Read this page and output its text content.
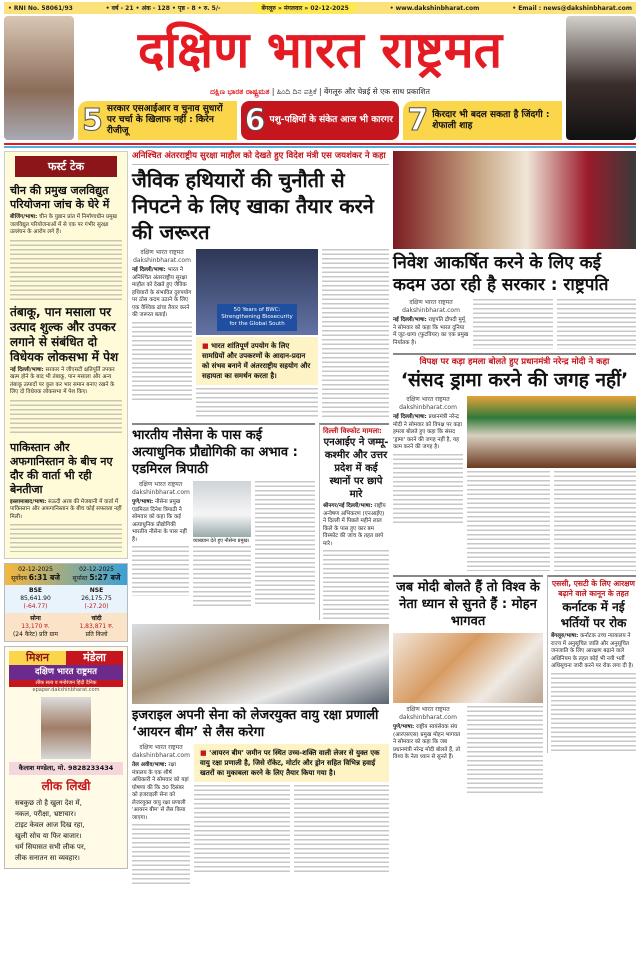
• RNI No. 58061/93	• वर्ष - 21 • अंक - 128 • पृष्ठ - 8 • रु. 5/-	बेंगलूरु » मंगलवार » 02-12-2025	• www.dakshinbharat.com	• Email : news@dakshinbharat.com
दक्षिण भारत राष्ट्रमत
ದಕ್ಷಿಣ ಭಾರತ ರಾಷ್ಟ್ರಮತ | ಹಿಂದಿ ದಿನ ಪತ್ರಿಕೆ | बेंगलूरु और चेन्नई से एक साथ प्रकाशित
5 सरकार एसआईआर व चुनाव सुधारों पर चर्चा के खिलाफ नहीं : किरेन रीजीजू	6 पशु-पक्षियों के संकेत आज भी कारगर 7 किरदार भी बदल सकता है जिंदगी : शेफाली शाह
फर्स्ट टेक
चीन की प्रमुख जलविद्युत परियोजना जांच के घेरे में
बीजिंग/भाषा: चीन के युन्नान प्रांत में निर्माणाधीन प्रमुख जलविद्युत परियोजनाओं में से एक पर गंभीर सुरक्षा उल्लंघन के आरोप लगे हैं।
तंबाकू, पान मसाला पर उत्पाद शुल्क और उपकर लगाने से संबंधित दो विधेयक लोकसभा में पेश
नई दिल्ली/भाषा: सरकार ने जीएसटी क्षतिपूर्ति उपकर खत्म होने के बाद भी तंबाकू, पान मसाला और अन्य तंबाकू उत्पादों पर कुल कर भार समान बनाए रखने के लिए दो विधेयक लोकसभा में पेश किए।
पाकिस्तान और अफगानिस्तान के बीच नए दौर की वार्ता भी रही बेनतीजा
इस्लामाबाद/भाषा: सऊदी अरब की मेजबानी में वार्ता में पाकिस्तान और अफगानिस्तान के बीच कोई सफलता नहीं मिली।
02-12-2025
सूर्योदय 6:31 बजे
02-12-2025
सूर्यास्त 5:27 बजे
BSE
85,641.90
(-64.77)
NSE
26,175.75
(-27.20)
सोना
13,170 रु.
(24 कैरेट) प्रति ग्राम
चांदी
1,83,871 रु.
प्रति किलो
मिशन	मंडेला
दक्षिण भारत राष्ट्रमत
लीक सत्य व मनोरंजन हिंदी दैनिक
epaper.dakshinbharat.com
कैलाश मण्डेला, मो. 9828233434
लीक लिखी
सबकुछ तो है खुला देश में,
नकल, परीक्षा, भ्रष्टाचार।
टाइट केवल आज दिख रहा,
खुली सोच या फिर बाजार।
धर्म सियासत सभी लीक पर,
लीक सनातन सा व्यवहार।
अनिश्चित अंतरराष्ट्रीय सुरक्षा माहौल को देखते हुए विदेश मंत्री एस जयशंकर ने कहा
जैविक हथियारों की चुनौती से निपटने के लिए खाका तैयार करने की जरूरत
दक्षिण भारत राष्ट्रमत
dakshinbharat.com
नई दिल्ली/भाषा: भारत ने अनिश्चित अंतरराष्ट्रीय सुरक्षा माहौल को देखते हुए जैविक हथियारों के संभावित दुरुपयोग पर ठोस कदम उठाने के लिए एक वैश्विक ढांचा तैयार करने की जरूरत बताई।
50 Years of BWC: Strengthening Biosecurity for the Global South
■ भारत शांतिपूर्ण उपयोग के लिए सामग्रियों और उपकरणों के आदान-प्रदान को संभव बनाने में अंतरराष्ट्रीय सहयोग और सहायता का समर्थन करता है।
भारतीय नौसेना के पास कई अत्याधुनिक प्रौद्योगिकी का अभाव : एडमिरल त्रिपाठी
दक्षिण भारत राष्ट्रमत
dakshinbharat.com
पुणे/भाषा: नौसेना प्रमुख एडमिरल दिनेश त्रिपाठी ने सोमवार को कहा कि कई अत्याधुनिक प्रौद्योगिकी भारतीय नौसेना के पास नहीं हैं।	व्याख्यान देते हुए नौसेना प्रमुख।
दिल्ली विस्फोट मामला:
एनआईए ने जम्मू-कश्मीर और उत्तर प्रदेश में कई स्थानों पर छापे मारे
श्रीनगर/नई दिल्ली/भाषा: राष्ट्रीय अन्वेषण अभिकरण (एनआईए) ने दिल्ली में पिछले महीने लाल किले के पास हुए कार बम विस्फोट की जांच के तहत छापे मारे।
इजराइल अपनी सेना को लेजरयुक्त वायु रक्षा प्रणाली ‘आयरन बीम’ से लैस करेगा
दक्षिण भारत राष्ट्रमत
dakshinbharat.com
तेल अवीव/भाषा: रक्षा मंत्रालय के एक शीर्ष अधिकारी ने सोमवार को यहां घोषणा की कि 30 दिसंबर को इजराइली सेना को लेजरयुक्त वायु रक्षा प्रणाली 'आयरन बीम' से लैस किया जाएगा।
■ 'आयरन बीम' जमीन पर स्थित उच्च-शक्ति वाली लेजर से युक्त एक वायु रक्षा प्रणाली है, जिसे रॉकेट, मोर्टार और ड्रोन सहित विभिन्न हवाई खतरों का मुकाबला करने के लिए तैयार किया गया है।
निवेश आकर्षित करने के लिए कई कदम उठा रही है सरकार : राष्ट्रपति
दक्षिण भारत राष्ट्रमत
dakshinbharat.com
नई दिल्ली/भाषा: राष्ट्रपति द्रौपदी मुर्मू ने सोमवार को कहा कि भारत दुनिया में जूट-धागा (फुटवियर) का एक प्रमुख निर्यातक है।
विपक्ष पर कड़ा हमला बोलते हुए प्रधानमंत्री नरेन्द्र मोदी ने कहा
‘संसद ड्रामा करने की जगह नहीं’
दक्षिण भारत राष्ट्रमत
dakshinbharat.com
नई दिल्ली/भाषा: प्रधानमंत्री नरेन्द्र मोदी ने सोमवार को विपक्ष पर कड़ा हमला बोलते हुए कहा कि संसद 'ड्रामा' करने की जगह नहीं है, यह काम करने की जगह है।
जब मोदी बोलते हैं तो विश्व के नेता ध्यान से सुनते हैं : मोहन भागवत
दक्षिण भारत राष्ट्रमत
dakshinbharat.com
पुणे/भाषा: राष्ट्रीय स्वयंसेवक संघ (आरएसएस) प्रमुख मोहन भागवत ने सोमवार को कहा कि जब प्रधानमंत्री नरेन्द्र मोदी बोलते हैं, तो विश्व के नेता ध्यान से सुनते हैं।
एससी, एसटी के लिए आरक्षण बढ़ाने वाले कानून के तहत
कर्नाटक में नई भर्तियों पर रोक
बेंगलूरु/भाषा: कर्नाटक उच्च न्यायालय ने राज्य में अनुसूचित जाति और अनुसूचित जनजाति के लिए आरक्षण बढ़ाने वाले अधिनियम के तहत कोई भी नयी भर्ती अधिसूचना जारी करने पर रोक लगा दी है।
